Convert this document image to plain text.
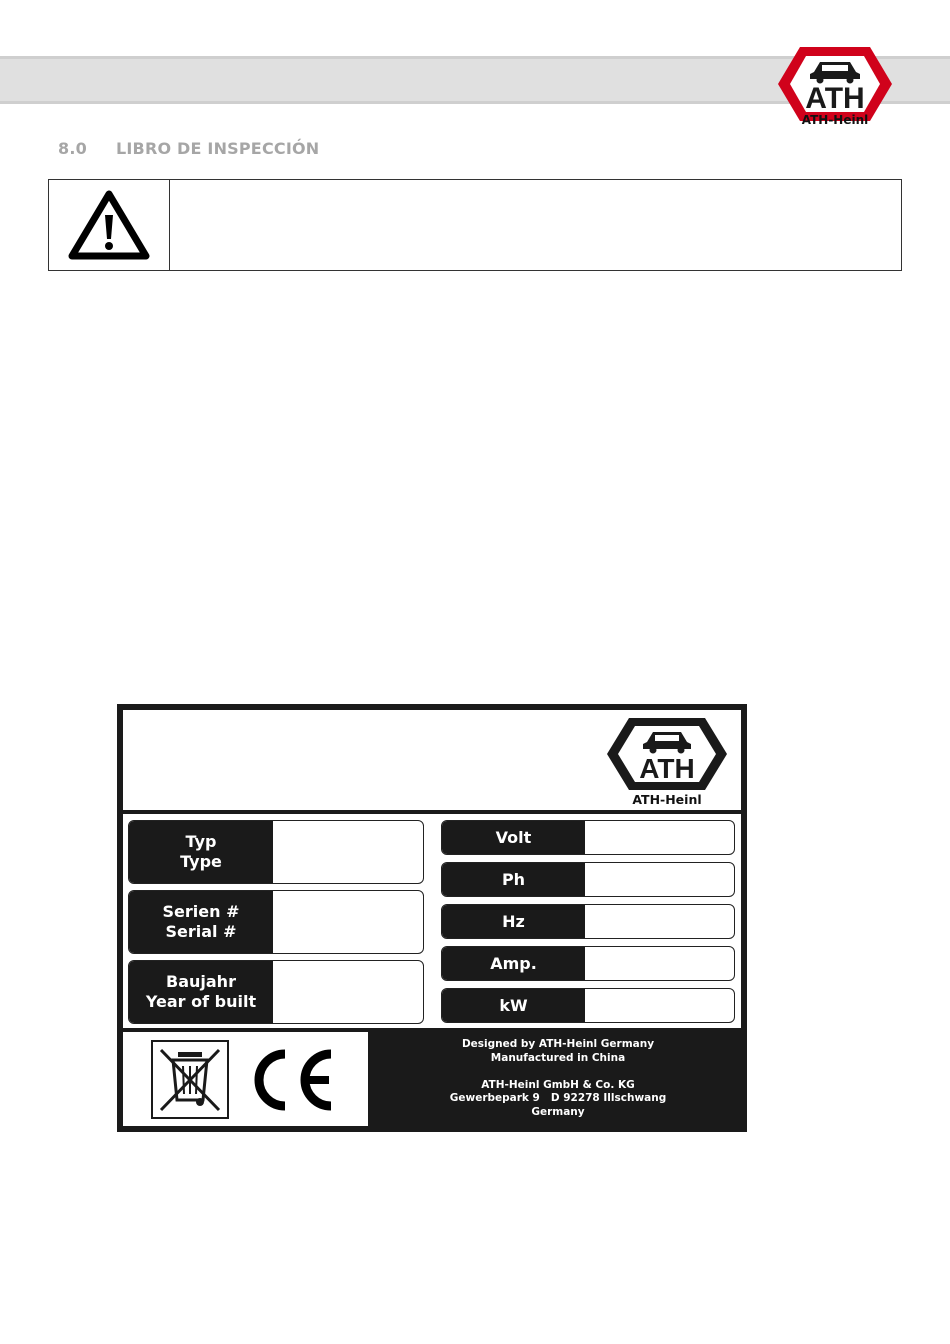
ATH
ATH-Heinl
8.0 LIBRO DE INSPECCIÓN
ATH
ATH-Heinl
Typ
Type
Serien #
Serial #
Baujahr
Year of built
Volt
Ph
Hz
Amp.
kW
Designed by ATH-Heinl Germany
Manufactured in China
ATH-Heinl GmbH & Co. KG
Gewerbepark 9   D 92278 Illschwang
Germany
